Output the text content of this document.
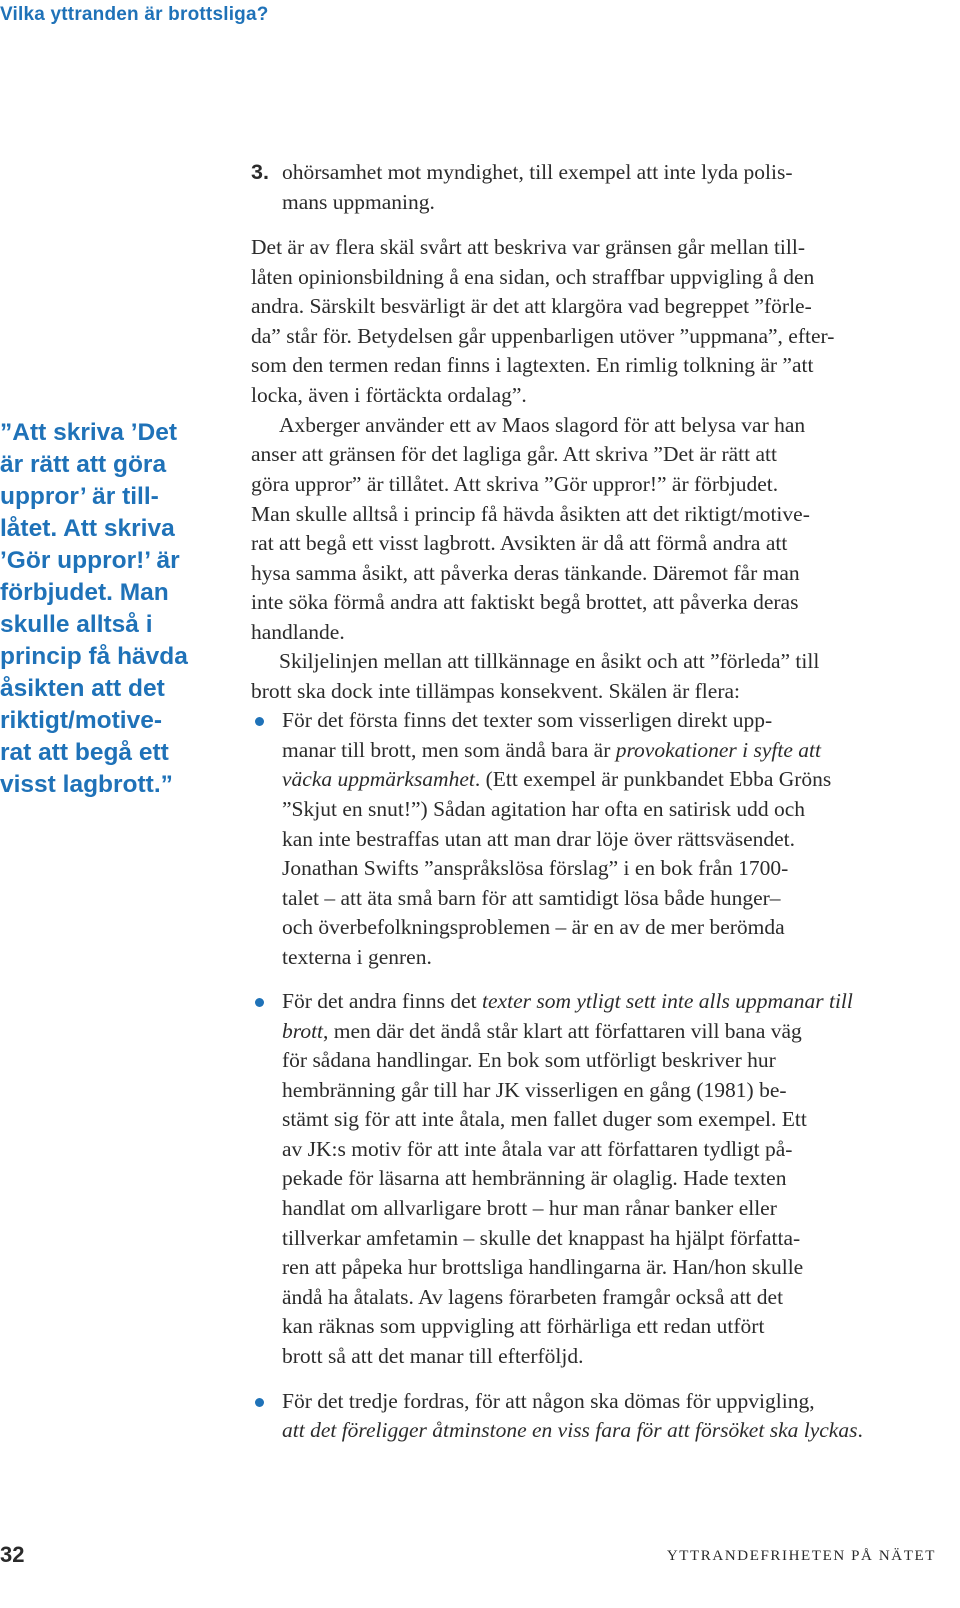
Vilka yttranden är brottsliga?
”Att skriva ’Det
är rätt att göra
uppror’ är till-
låtet. Att skriva
’Gör uppror!’ är
förbjudet. Man
skulle alltså i
princip få hävda
åsikten att det
riktigt/motive-
rat att begå ett
visst lagbrott.”
3. ohörsamhet mot myndighet, till exempel att inte lyda polis-
mans uppmaning.
Det är av flera skäl svårt att beskriva var gränsen går mellan till-
låten opinionsbildning å ena sidan, och straffbar uppvigling å den
andra. Särskilt besvärligt är det att klargöra vad begreppet ”förle-
da” står för. Betydelsen går uppenbarligen utöver ”uppmana”, efter-
som den termen redan finns i lagtexten. En rimlig tolkning är ”att
locka, även i förtäckta ordalag”.
Axberger använder ett av Maos slagord för att belysa var han
anser att gränsen för det lagliga går. Att skriva ”Det är rätt att
göra uppror” är tillåtet. Att skriva ”Gör uppror!” är förbjudet.
Man skulle alltså i princip få hävda åsikten att det riktigt/motive-
rat att begå ett visst lagbrott. Avsikten är då att förmå andra att
hysa samma åsikt, att påverka deras tänkande. Däremot får man
inte söka förmå andra att faktiskt begå brottet, att påverka deras
handlande.
Skiljelinjen mellan att tillkännage en åsikt och att ”förleda” till
brott ska dock inte tillämpas konsekvent. Skälen är flera:
För det första finns det texter som visserligen direkt upp-
manar till brott, men som ändå bara är provokationer i syfte att
väcka uppmärksamhet. (Ett exempel är punkbandet Ebba Gröns
”Skjut en snut!”) Sådan agitation har ofta en satirisk udd och
kan inte bestraffas utan att man drar löje över rättsväsendet.
Jonathan Swifts ”anspråkslösa förslag” i en bok från 1700-
talet – att äta små barn för att samtidigt lösa både hunger–
och överbefolkningsproblemen – är en av de mer berömda
texterna i genren.
För det andra finns det texter som ytligt sett inte alls uppmanar till
brott, men där det ändå står klart att författaren vill bana väg
för sådana handlingar. En bok som utförligt beskriver hur
hembränning går till har JK visserligen en gång (1981) be-
stämt sig för att inte åtala, men fallet duger som exempel. Ett
av JK:s motiv för att inte åtala var att författaren tydligt på-
pekade för läsarna att hembränning är olaglig. Hade texten
handlat om allvarligare brott – hur man rånar banker eller
tillverkar amfetamin – skulle det knappast ha hjälpt författa-
ren att påpeka hur brottsliga handlingarna är. Han/hon skulle
ändå ha åtalats. Av lagens förarbeten framgår också att det
kan räknas som uppvigling att förhärliga ett redan utfört
brott så att det manar till efterföljd.
För det tredje fordras, för att någon ska dömas för uppvigling,
att det föreligger åtminstone en viss fara för att försöket ska lyckas.
32	YTTRANDEFRIHETEN PÅ NÄTET
